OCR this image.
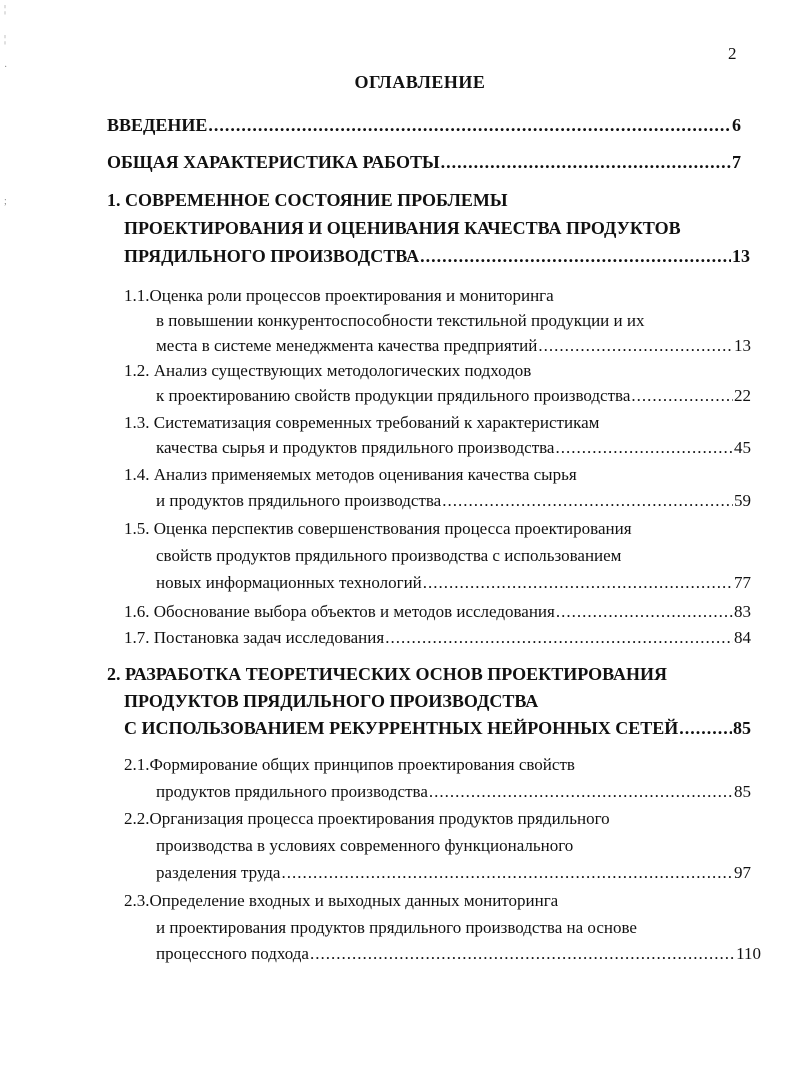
¦
¦
·
;
2
ОГЛАВЛЕНИЕ
ВВЕДЕНИЕ .....	6
ОБЩАЯ ХАРАКТЕРИСТИКА РАБОТЫ .....	7
1. СОВРЕМЕННОЕ СОСТОЯНИЕ ПРОБЛЕМЫ
ПРОЕКТИРОВАНИЯ И ОЦЕНИВАНИЯ КАЧЕСТВА ПРОДУКТОВ
ПРЯДИЛЬНОГО ПРОИЗВОДСТВА .....	13
1.1.Оценка роли процессов проектирования и мониторинга
в повышении конкурентоспособности текстильной продукции и их
места в системе менеджмента качества предприятий .....	13
1.2. Анализ существующих методологических подходов
к проектированию свойств продукции прядильного производства .....	22
1.3. Систематизация современных требований к характеристикам
качества сырья и продуктов прядильного производства .....	45
1.4. Анализ применяемых методов оценивания качества сырья
и продуктов прядильного производства .....	59
1.5. Оценка перспектив совершенствования процесса проектирования
свойств продуктов прядильного производства с использованием
новых информационных технологий .....	77
1.6. Обоснование выбора объектов и методов исследования .....	83
1.7. Постановка задач исследования .....	84
2. РАЗРАБОТКА ТЕОРЕТИЧЕСКИХ ОСНОВ ПРОЕКТИРОВАНИЯ
ПРОДУКТОВ ПРЯДИЛЬНОГО ПРОИЗВОДСТВА
С ИСПОЛЬЗОВАНИЕМ РЕКУРРЕНТНЫХ НЕЙРОННЫХ СЕТЕЙ .....	85
2.1.Формирование общих принципов проектирования свойств
продуктов прядильного производства .....	85
2.2.Организация процесса проектирования продуктов прядильного
производства в условиях современного функционального
разделения труда .....	97
2.3.Определение входных и выходных данных мониторинга
и проектирования продуктов прядильного производства на основе
процессного подхода .....	110
